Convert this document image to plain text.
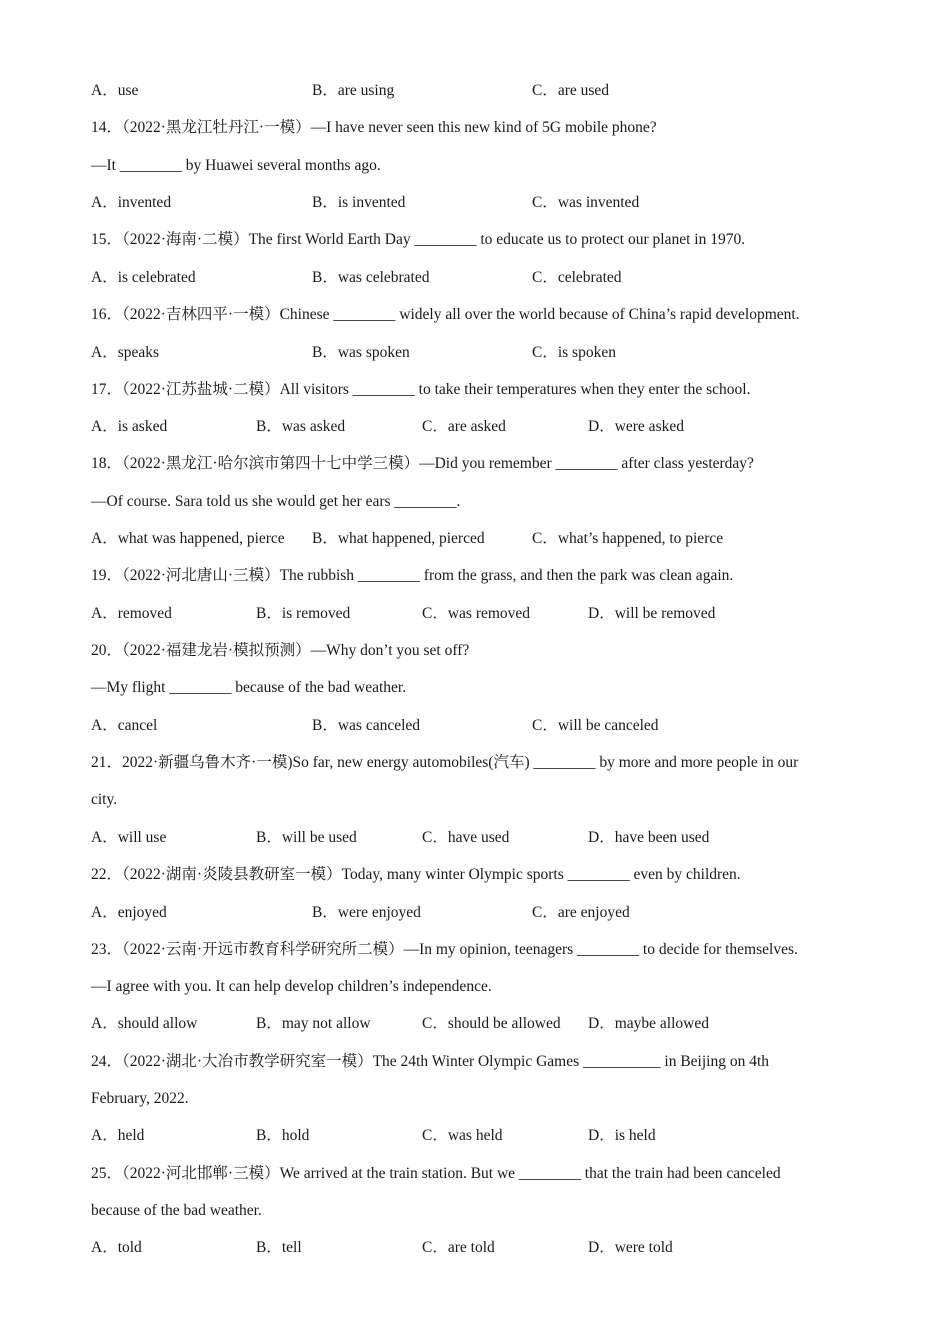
A．use	B．are using	C．are used
14．（2022·黑龙江牡丹江·一模）—I have never seen this new kind of 5G mobile phone?
—It ________ by Huawei several months ago.
A．invented	B．is invented	C．was invented
15．（2022·海南·二模）The first World Earth Day ________ to educate us to protect our planet in 1970.
A．is celebrated	B．was celebrated	C．celebrated
16．（2022·吉林四平·一模）Chinese ________ widely all over the world because of China’s rapid development.
A．speaks	B．was spoken	C．is spoken
17．（2022·江苏盐城·二模）All visitors ________ to take their temperatures when they enter the school.
A．is asked	B．was asked	C．are asked	D．were asked
18．（2022·黑龙江·哈尔滨市第四十七中学三模）—Did you remember ________ after class yesterday?
—Of course. Sara told us she would get her ears ________.
A．what was happened, pierce B．what happened, pierced	C．what’s happened, to pierce
19．（2022·河北唐山·三模）The rubbish ________ from the grass, and then the park was clean again.
A．removed	B．is removed	C．was removed	D．will be removed
20．（2022·福建龙岩·模拟预测）—Why don’t you set off?
—My flight ________ because of the bad weather.
A．cancel	B．was canceled	C．will be canceled
21．2022·新疆乌鲁木齐·一模)So far, new energy automobiles(汽车) ________ by more and more people in our
city.
A．will use	B．will be used	C．have used	D．have been used
22．（2022·湖南·炎陵县教研室一模）Today, many winter Olympic sports ________ even by children.
A．enjoyed	B．were enjoyed	C．are enjoyed
23．（2022·云南·开远市教育科学研究所二模）—In my opinion, teenagers ________ to decide for themselves.
—I agree with you. It can help develop children’s independence.
A．should allow	B．may not allow	C．should be allowed D．maybe allowed
24．（2022·湖北·大冶市教学研究室一模）The 24th Winter Olympic Games __________ in Beijing on 4th
February, 2022.
A．held	B．hold	C．was held	D．is held
25．（2022·河北邯郸·三模）We arrived at the train station. But we ________ that the train had been canceled
because of the bad weather.
A．told	B．tell	C．are told	D．were told
